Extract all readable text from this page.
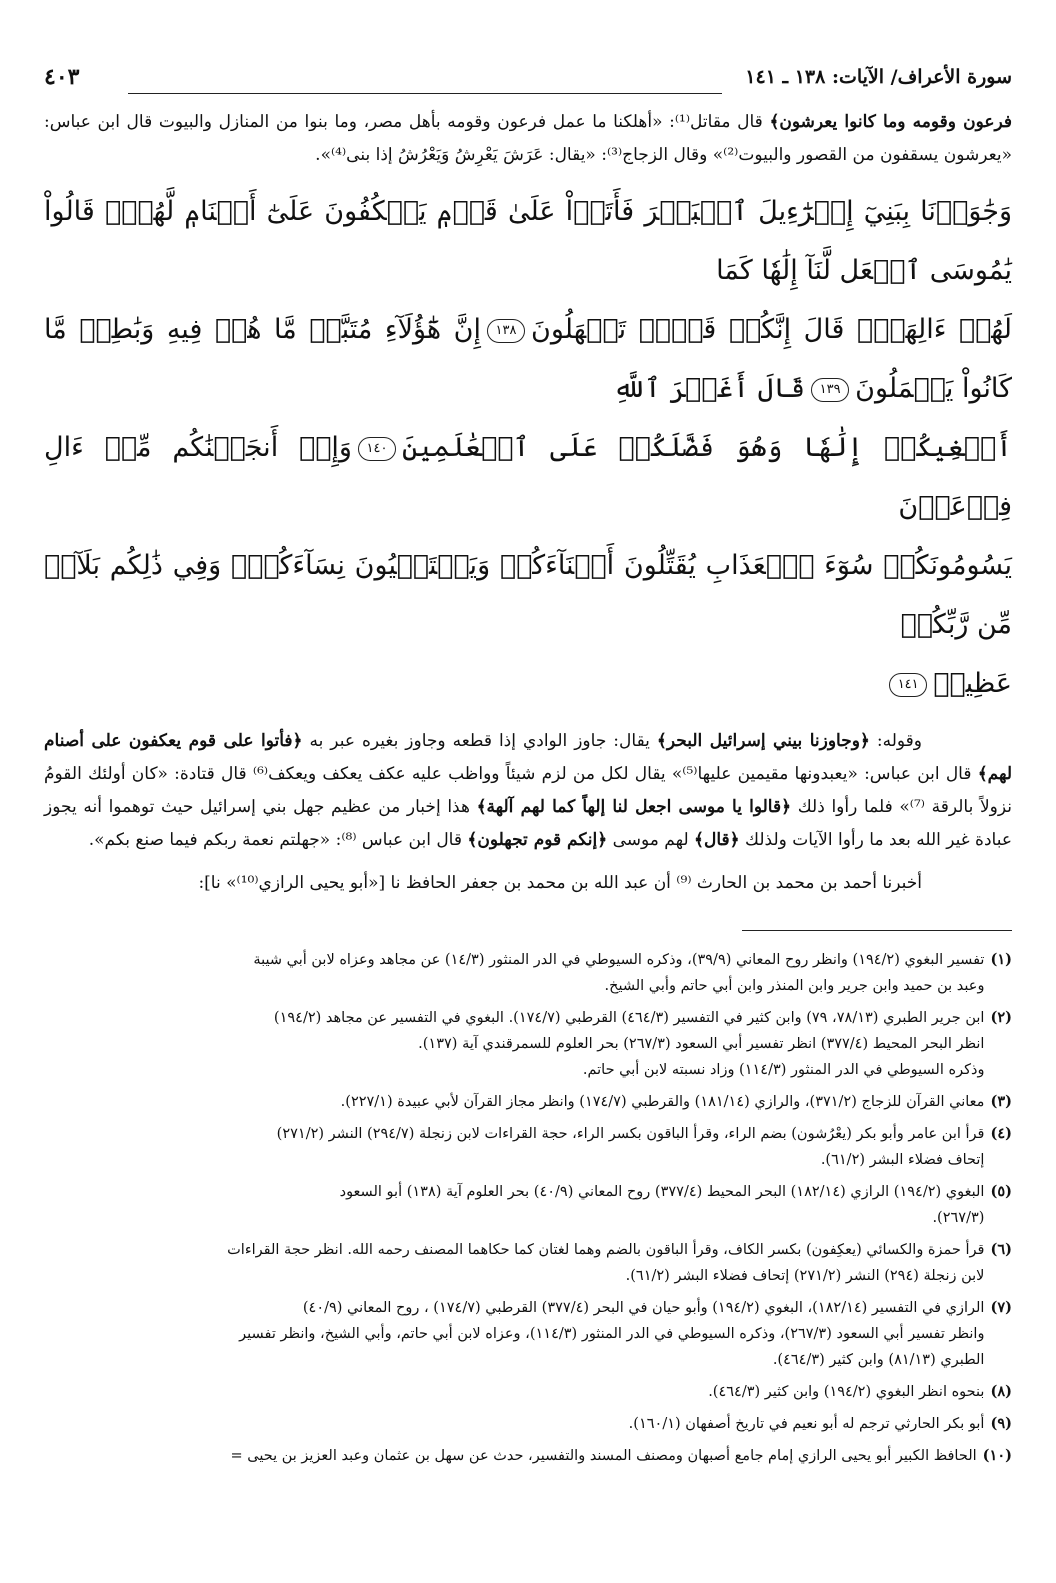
سورة الأعراف/ الآيات: ١٣٨ ـ ١٤١
٤٠٣

فرعون وقومه وما كانوا يعرشون﴾ قال مقاتل⁽¹⁾: «أهلكنا ما عمل فرعون وقومه بأهل مصر، وما بنوا من المنازل والبيوت قال ابن عباس: «يعرشون يسقفون من القصور والبيوت⁽²⁾» وقال الزجاج⁽³⁾: «يقال: عَرَشَ يَعْرِشُ وَيَعْرُشُ إذا بنى⁽⁴⁾».

وَجَٰوَزۡنَا بِبَنِيٓ إِسۡرَٰٓءِيلَ ٱلۡبَحۡرَ فَأَتَوۡاْ عَلَىٰ قَوۡمٖ يَعۡكُفُونَ عَلَىٰٓ أَصۡنَامٖ لَّهُمۡۚ قَالُواْ يَٰمُوسَى ٱجۡعَل لَّنَآ إِلَٰهٗا كَمَا
لَهُمۡ ءَالِهَةٞۚ قَالَ إِنَّكُمۡ قَوۡمٞ تَجۡهَلُونَ١٣٨إِنَّ هَٰٓؤُلَآءِ مُتَبَّرٞ مَّا هُمۡ فِيهِ وَبَٰطِلٞ مَّا كَانُواْ يَعۡمَلُونَ١٣٩قَالَ أَغَيۡرَ ٱللَّهِ
أَبۡغِيكُمۡ إِلَٰهٗا وَهُوَ فَضَّلَكُمۡ عَلَى ٱلۡعَٰلَمِينَ١٤٠وَإِذۡ أَنجَيۡنَٰكُم مِّنۡ ءَالِ فِرۡعَوۡنَ
يَسُومُونَكُمۡ سُوٓءَ ٱلۡعَذَابِ يُقَتِّلُونَ أَبۡنَآءَكُمۡ وَيَسۡتَحۡيُونَ نِسَآءَكُمۡۚ وَفِي ذَٰلِكُم بَلَآءٞ مِّن رَّبِّكُمۡ
عَظِيمٞ١٤١

وقوله: ﴿وجاوزنا بيني إسرائيل البحر﴾ يقال: جاوز الوادي إذا قطعه وجاوز بغيره عبر به ﴿فأتوا على قوم يعكفون على أصنام لهم﴾ قال ابن عباس: «يعبدونها مقيمين عليها⁽⁵⁾» يقال لكل من لزم شيئاً وواظب عليه عكف يعكف ويعكف⁽⁶⁾ قال قتادة: «كان أولئك القومُ نزولاً بالرقة ⁽⁷⁾» فلما رأوا ذلك ﴿قالوا يا موسى اجعل لنا إلهاً كما لهم آلهة﴾ هذا إخبار من عظيم جهل بني إسرائيل حيث توهموا أنه يجوز عبادة غير الله بعد ما رأوا الآيات ولذلك ﴿قال﴾ لهم موسى ﴿إنكم قوم تجهلون﴾ قال ابن عباس ⁽⁸⁾: «جهلتم نعمة ربكم فيما صنع بكم».

أخبرنا أحمد بن محمد بن الحارث ⁽⁹⁾ أن عبد الله بن محمد بن جعفر الحافظ نا [«أبو يحيى الرازي⁽¹⁰⁾» نا]:

(١)
تفسير البغوي (١٩٤/٢) وانظر روح المعاني (٣٩/٩)، وذكره السيوطي في الدر المنثور (١٤/٣) عن مجاهد وعزاه لابن أبي شيبة
وعبد بن حميد وابن جرير وابن المنذر وابن أبي حاتم وأبي الشيخ.
(٢)
ابن جرير الطبري (٧٨/١٣، ٧٩) وابن كثير في التفسير (٤٦٤/٣) القرطبي (١٧٤/٧). البغوي في التفسير عن مجاهد (١٩٤/٢)
انظر البحر المحيط (٣٧٧/٤) انظر تفسير أبي السعود (٢٦٧/٣) بحر العلوم للسمرقندي آية (١٣٧).
وذكره السيوطي في الدر المنثور (١١٤/٣) وزاد نسبته لابن أبي حاتم.
(٣)
معاني القرآن للزجاج (٣٧١/٢)، والرازي (١٨١/١٤) والقرطبي (١٧٤/٧) وانظر مجاز القرآن لأبي عبيدة (٢٢٧/١).
(٤)
قرأ ابن عامر وأبو بكر (يعْرُشون) بضم الراء، وقرأ الباقون بكسر الراء، حجة القراءات لابن زنجلة (٢٩٤/٧) النشر (٢٧١/٢)
إتحاف فضلاء البشر (٦١/٢).
(٥)
البغوي (١٩٤/٢) الرازي (١٨٢/١٤) البحر المحيط (٣٧٧/٤) روح المعاني (٤٠/٩) بحر العلوم آية (١٣٨) أبو السعود
(٢٦٧/٣).
(٦)
قرأ حمزة والكسائي (يعكِفون) بكسر الكاف، وقرأ الباقون بالضم وهما لغتان كما حكاهما المصنف رحمه الله. انظر حجة القراءات
لابن زنجلة (٢٩٤) النشر (٢٧١/٢) إتحاف فضلاء البشر (٦١/٢).
(٧)
الرازي في التفسير (١٨٢/١٤)، البغوي (١٩٤/٢) وأبو حيان في البحر (٣٧٧/٤) القرطبي (١٧٤/٧) ، روح المعاني (٤٠/٩)
وانظر تفسير أبي السعود (٢٦٧/٣)، وذكره السيوطي في الدر المنثور (١١٤/٣)، وعزاه لابن أبي حاتم، وأبي الشيخ، وانظر تفسير
الطبري (٨١/١٣) وابن كثير (٤٦٤/٣).
(٨)
بنحوه انظر البغوي (١٩٤/٢) وابن كثير (٤٦٤/٣).
(٩)
أبو بكر الحارثي ترجم له أبو نعيم في تاريخ أصفهان (١٦٠/١).
(١٠)
الحافظ الكبير أبو يحيى الرازي إمام جامع أصبهان ومصنف المسند والتفسير، حدث عن سهل بن عثمان وعبد العزيز بن يحيى =
